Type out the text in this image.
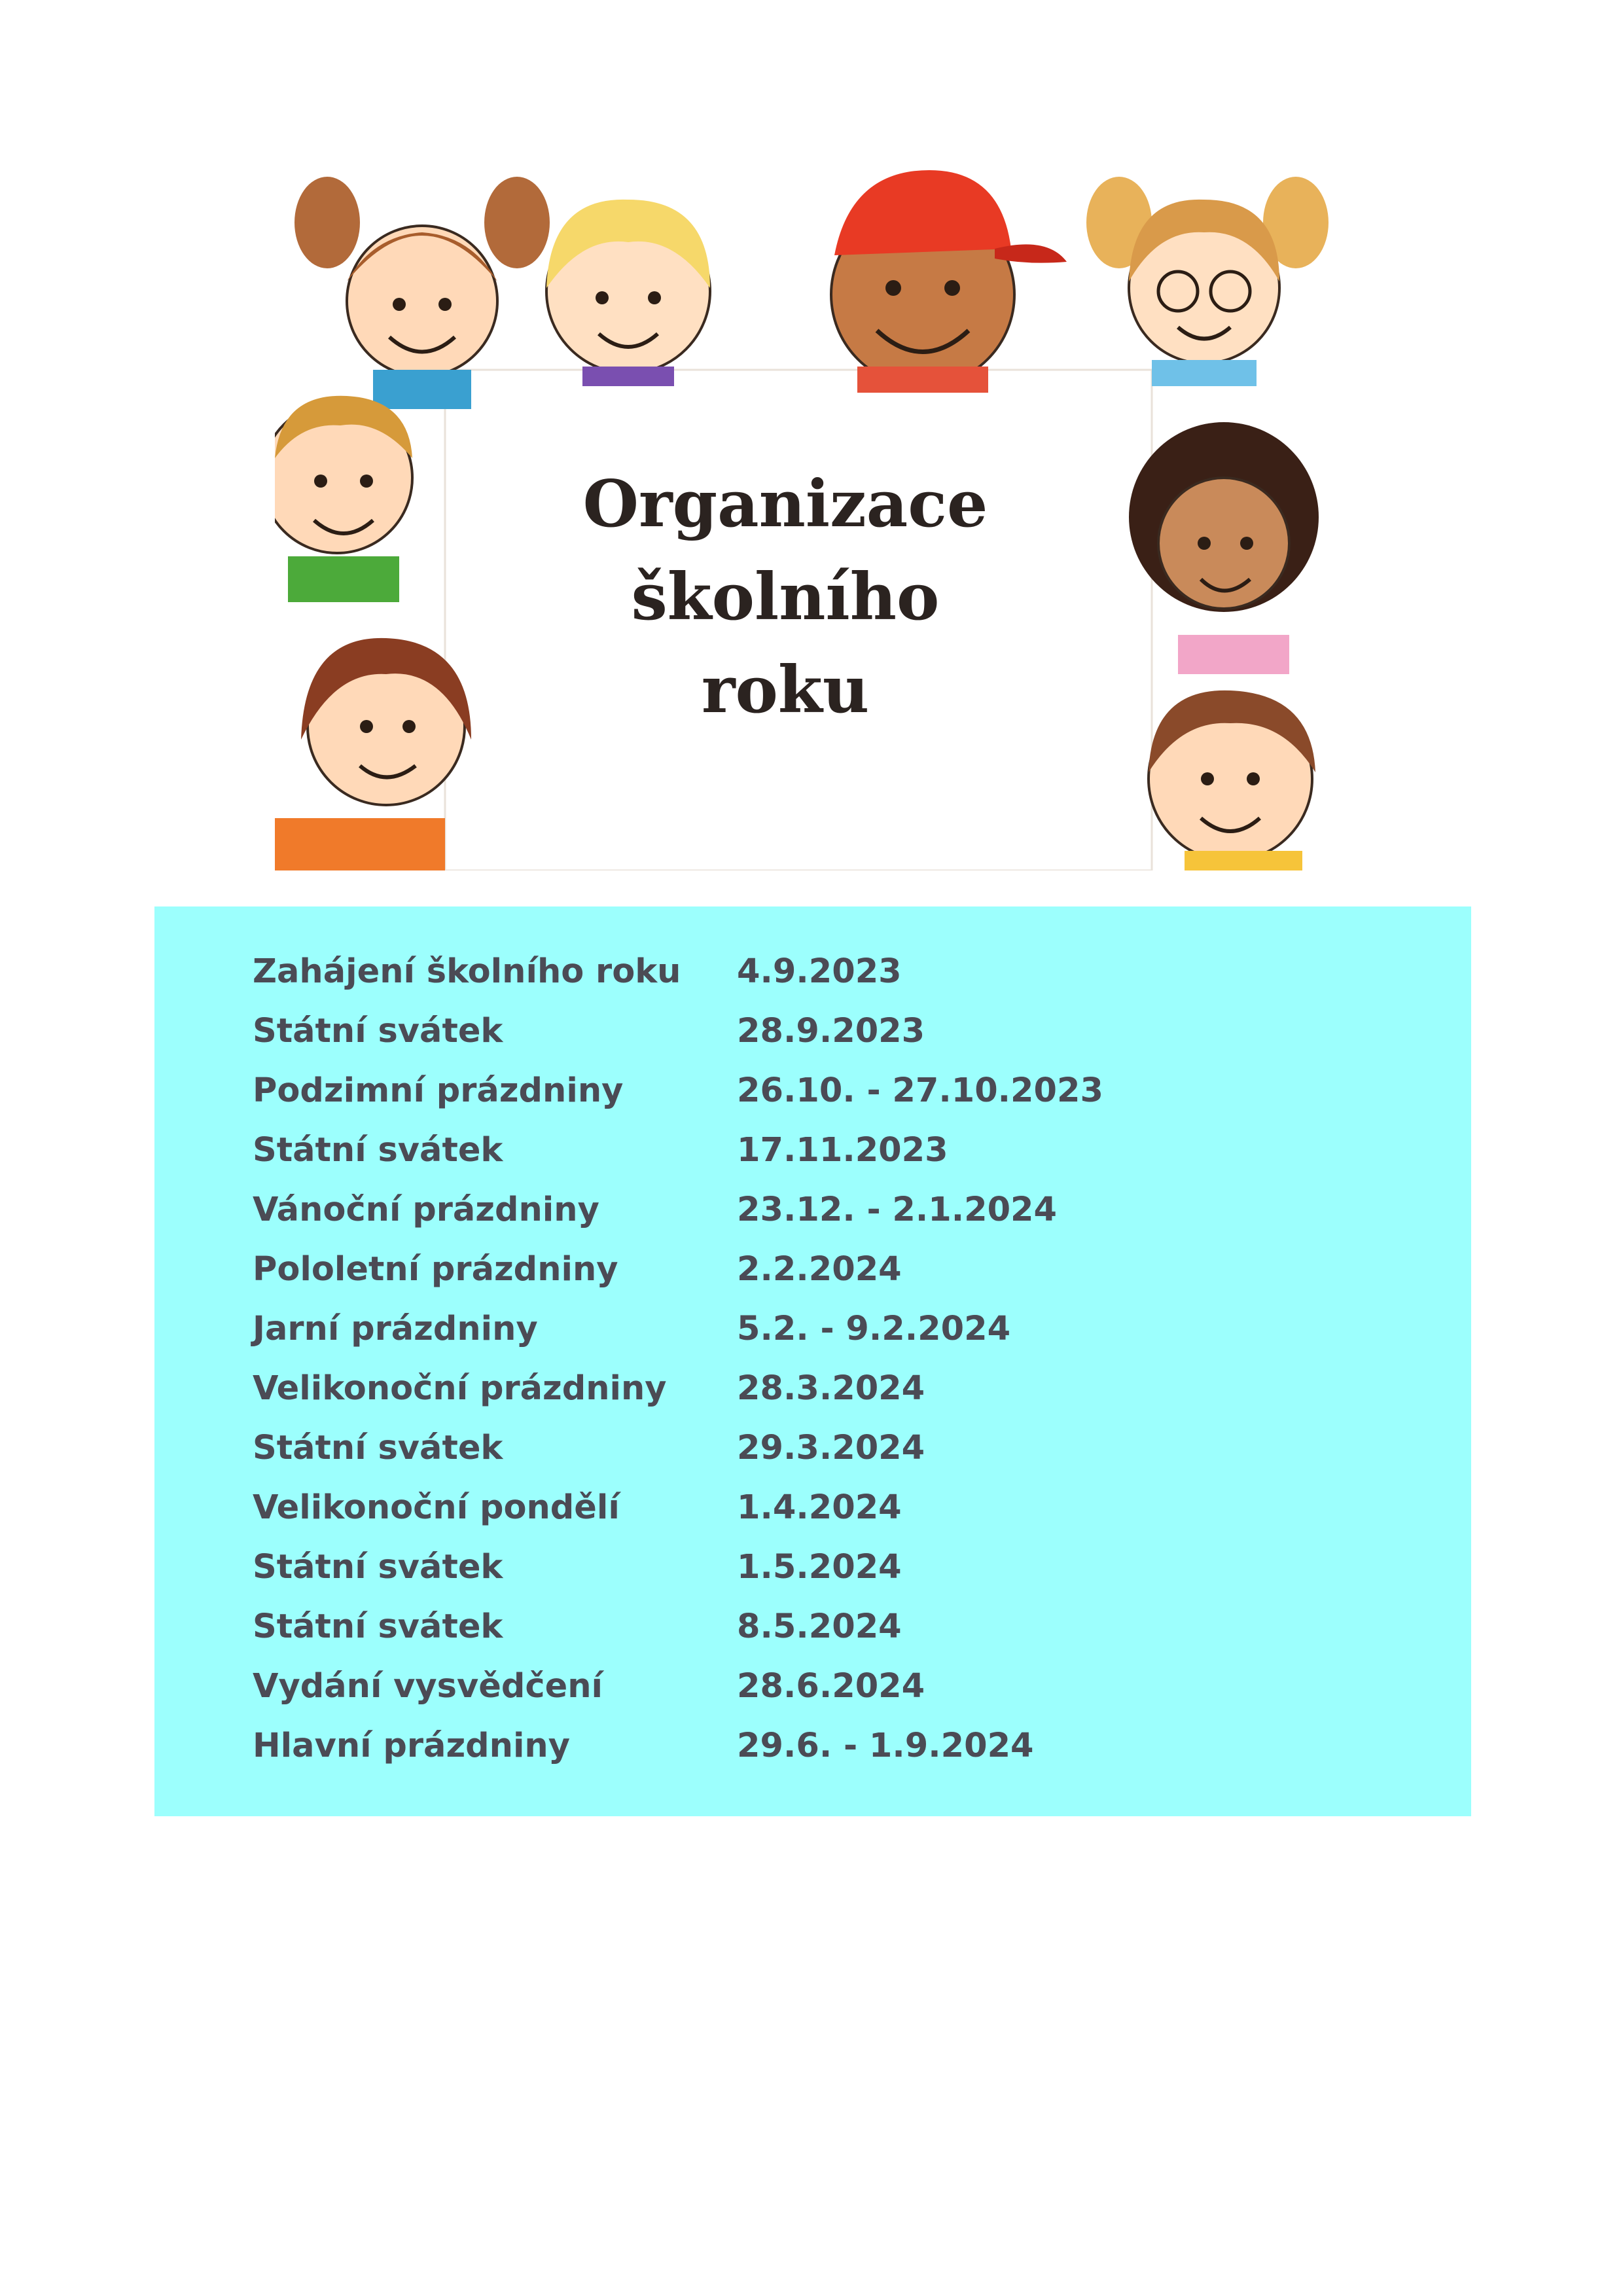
Organizace
školního
roku
Zahájení školního roku 4.9.2023
Státní svátek	28.9.2023
Podzimní prázdniny	26.10. - 27.10.2023
Státní svátek	17.11.2023
Vánoční prázdniny	23.12. - 2.1.2024
Pololetní prázdniny	2.2.2024
Jarní prázdniny	5.2. - 9.2.2024
Velikonoční prázdniny 28.3.2024
Státní svátek	29.3.2024
Velikonoční pondělí	1.4.2024
Státní svátek	1.5.2024
Státní svátek	8.5.2024
Vydání vysvědčení	28.6.2024
Hlavní prázdniny	29.6. - 1.9.2024
